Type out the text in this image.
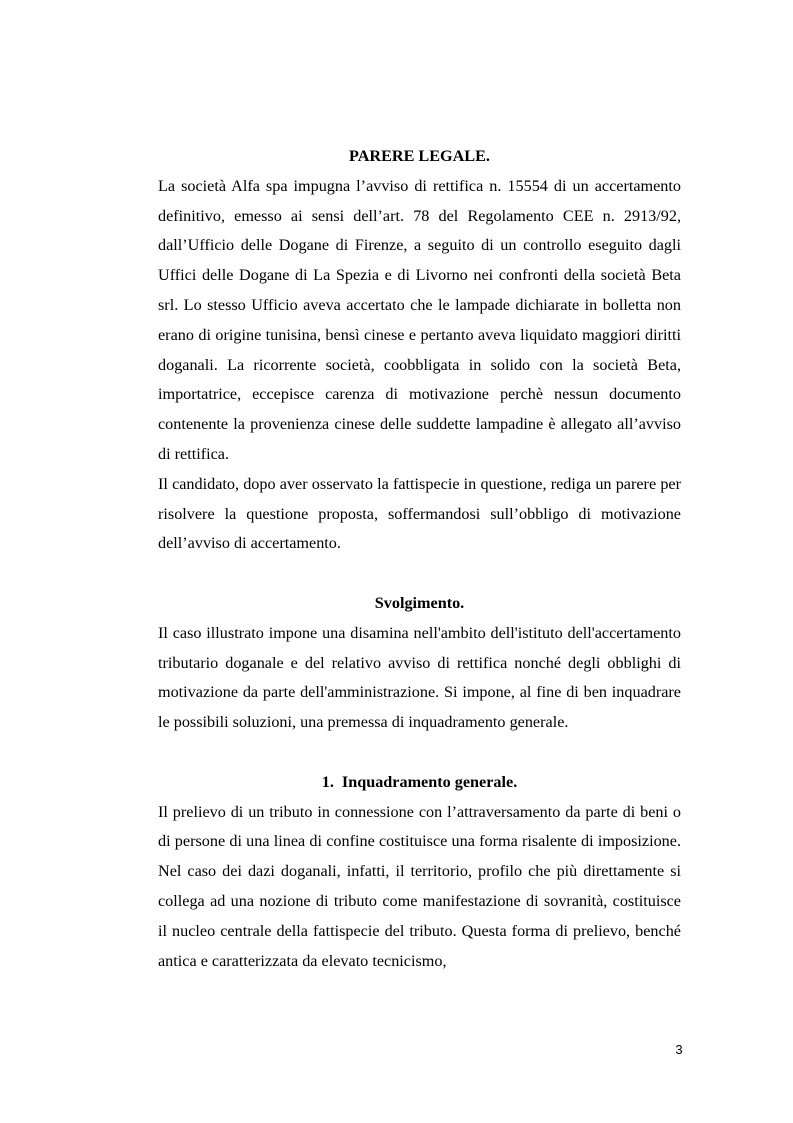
PARERE LEGALE.

La società Alfa spa impugna l’avviso di rettifica n. 15554 di un accertamento definitivo, emesso ai sensi dell’art. 78 del Regolamento CEE n. 2913/92, dall’Ufficio delle Dogane di Firenze, a seguito di un controllo eseguito dagli Uffici delle Dogane di La Spezia e di Livorno nei confronti della società Beta srl. Lo stesso Ufficio aveva accertato che le lampade dichiarate in bolletta non erano di origine tunisina, bensì cinese e pertanto aveva liquidato maggiori diritti doganali. La ricorrente società, coobbligata in solido con la società Beta, importatrice, eccepisce carenza di motivazione perchè nessun documento contenente la provenienza cinese delle suddette lampadine è allegato all’avviso di rettifica.

Il candidato, dopo aver osservato la fattispecie in questione, rediga un parere per risolvere la questione proposta, soffermandosi sull’obbligo di motivazione dell’avviso di accertamento.

Svolgimento.

Il caso illustrato impone una disamina nell'ambito dell'istituto dell'accertamento tributario doganale e del relativo avviso di rettifica nonché degli obblighi di motivazione da parte dell'amministrazione. Si impone, al fine di ben inquadrare le possibili soluzioni, una premessa di inquadramento generale.

1. Inquadramento generale.

Il prelievo di un tributo in connessione con l’attraversamento da parte di beni o di persone di una linea di confine costituisce una forma risalente di imposizione. Nel caso dei dazi doganali, infatti, il territorio, profilo che più direttamente si collega ad una nozione di tributo come manifestazione di sovranità, costituisce il nucleo centrale della fattispecie del tributo. Questa forma di prelievo, benché antica e caratterizzata da elevato tecnicismo,

3
